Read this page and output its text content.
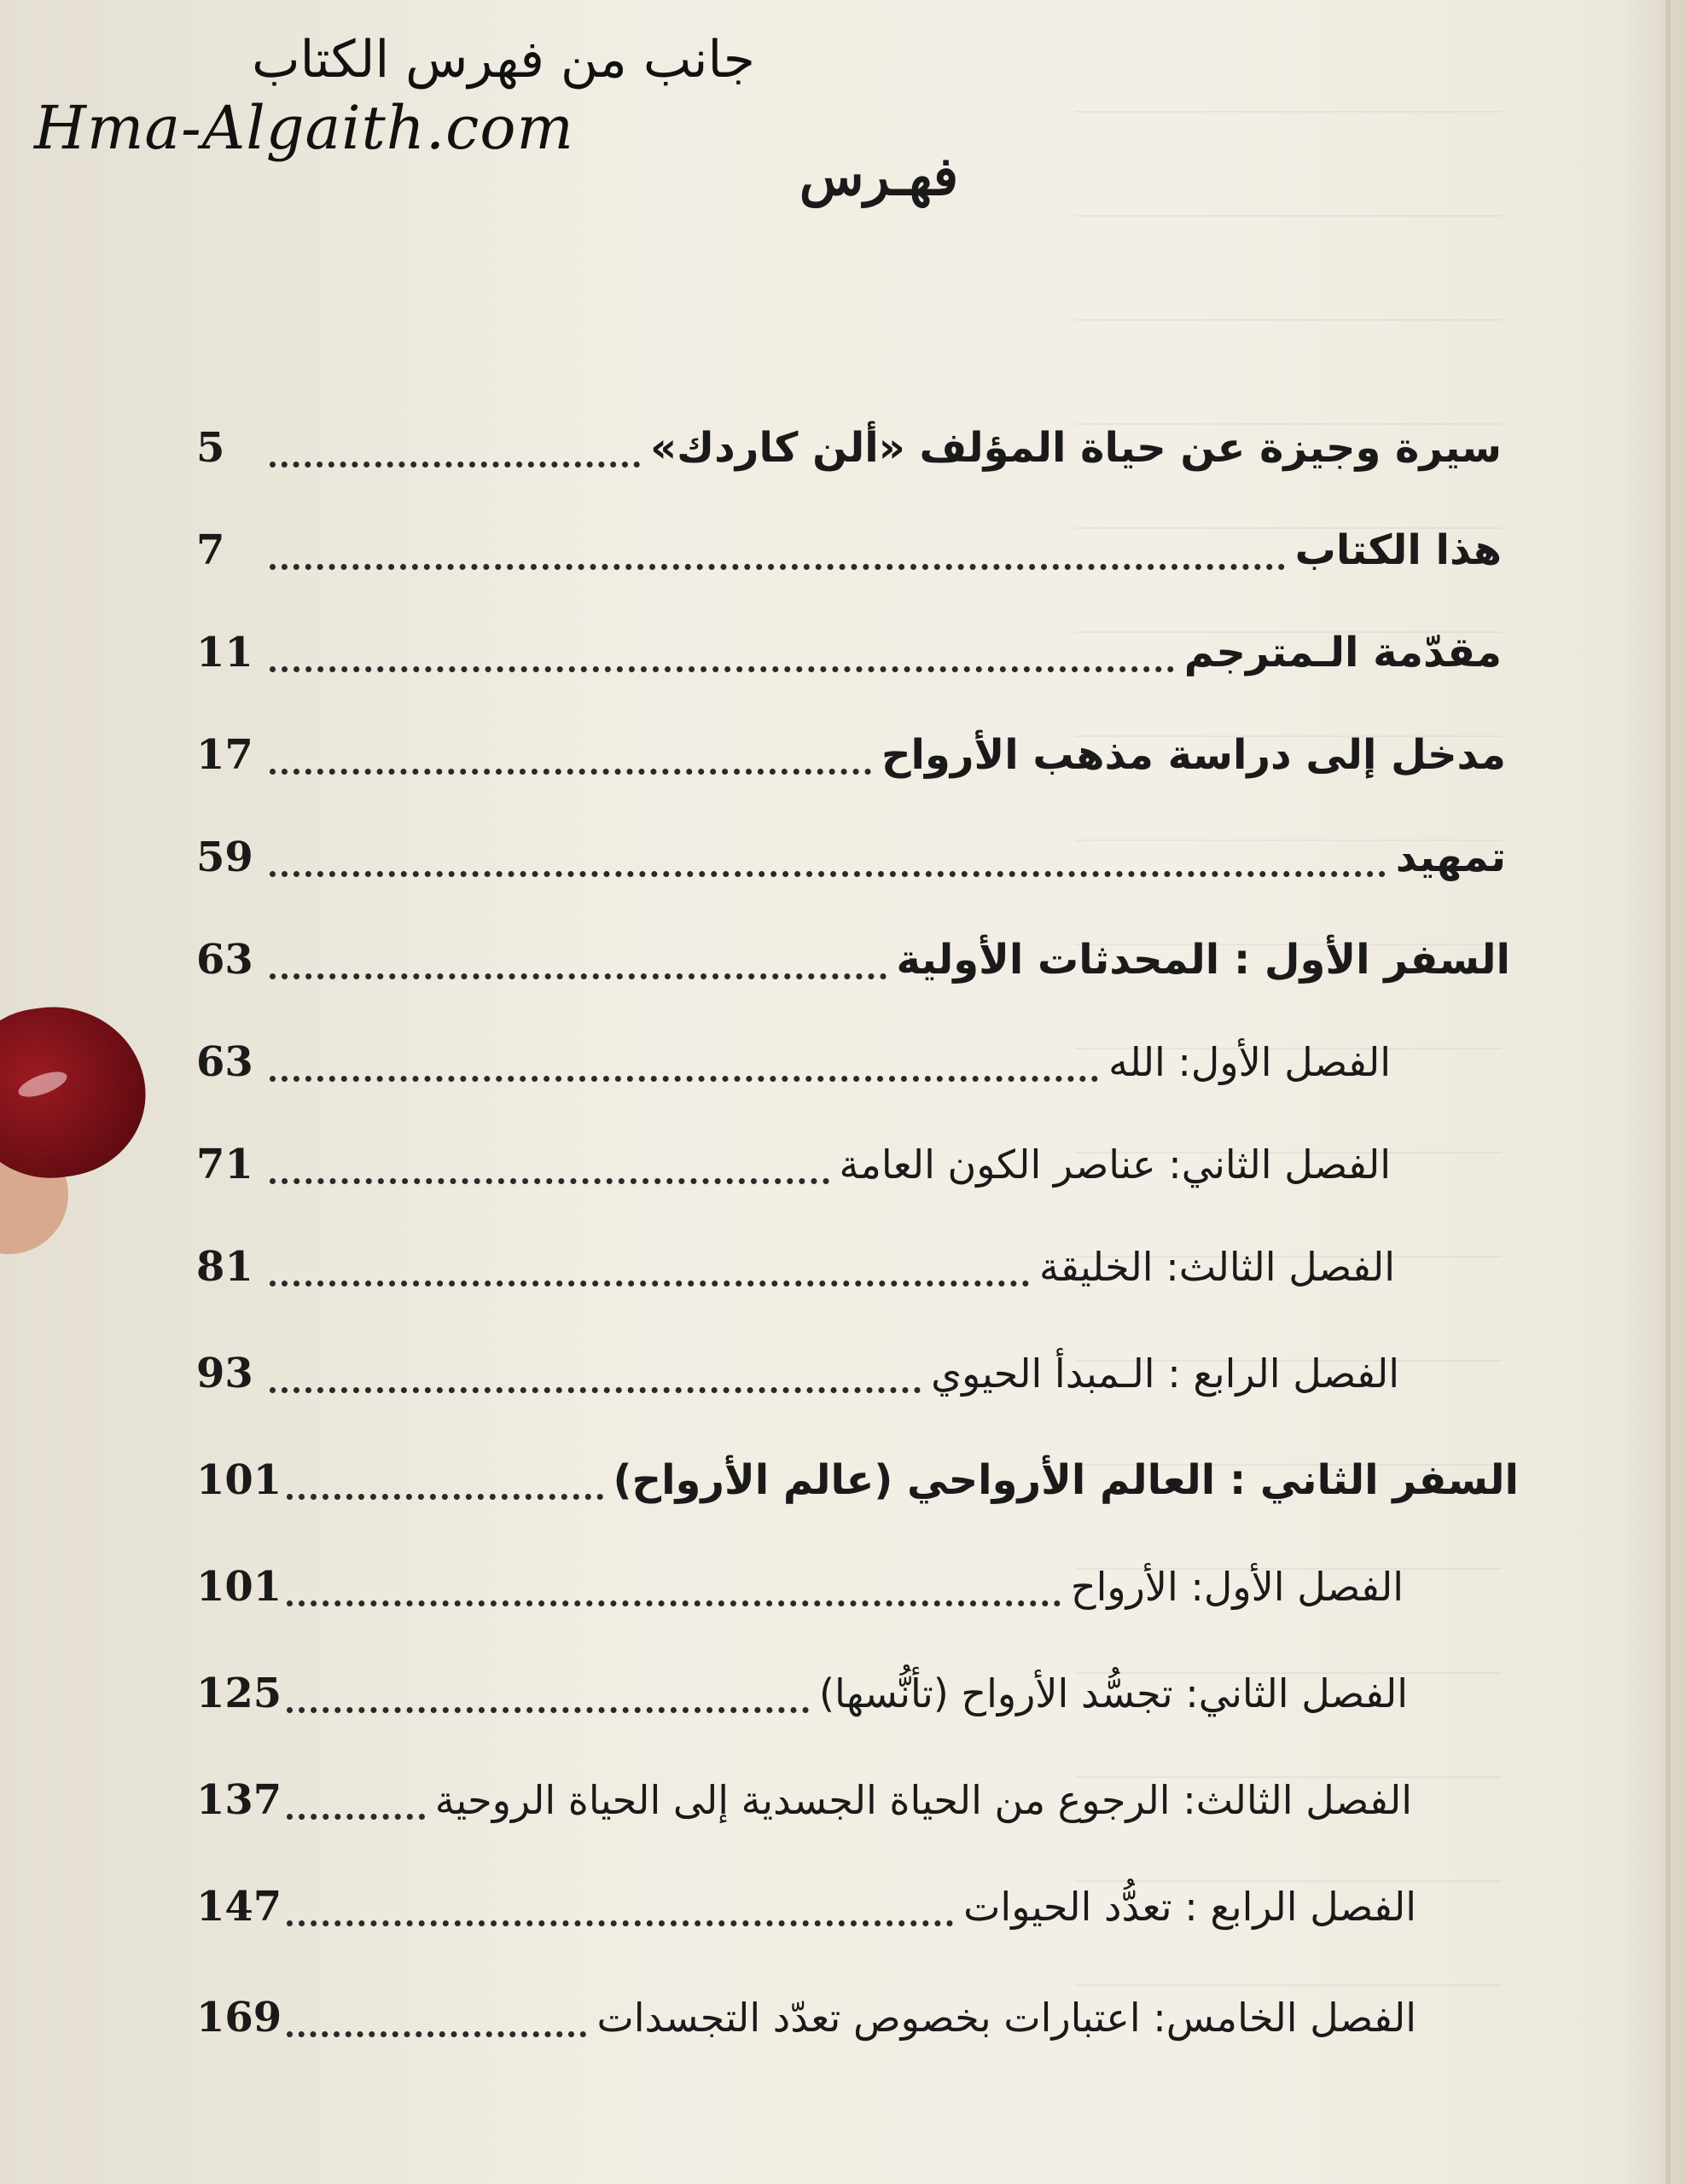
جانب من فهرس الكتاب
Hma-Algaith.com
فهـرس
سيرة وجيزة عن حياة المؤلف «ألن كاردك»
5
هذا الكتاب
7
مقدّمة الـمترجم
11
مدخل إلى دراسة مذهب الأرواح
17
تمهيد
59
السفر الأول : المحدثات الأولية
63
الفصل الأول: الله
63
الفصل الثاني: عناصر الكون العامة
71
الفصل الثالث: الخليقة
81
الفصل الرابع : الـمبدأ الحيوي
93
السفر الثاني : العالم الأرواحي (عالم الأرواح)
101
الفصل الأول: الأرواح
101
الفصل الثاني: تجسُّد الأرواح (تأنُّسها)
125
الفصل الثالث: الرجوع من الحياة الجسدية إلى الحياة الروحية
137
الفصل الرابع : تعدُّد الحيوات
147
الفصل الخامس: اعتبارات بخصوص تعدّد التجسدات
169
